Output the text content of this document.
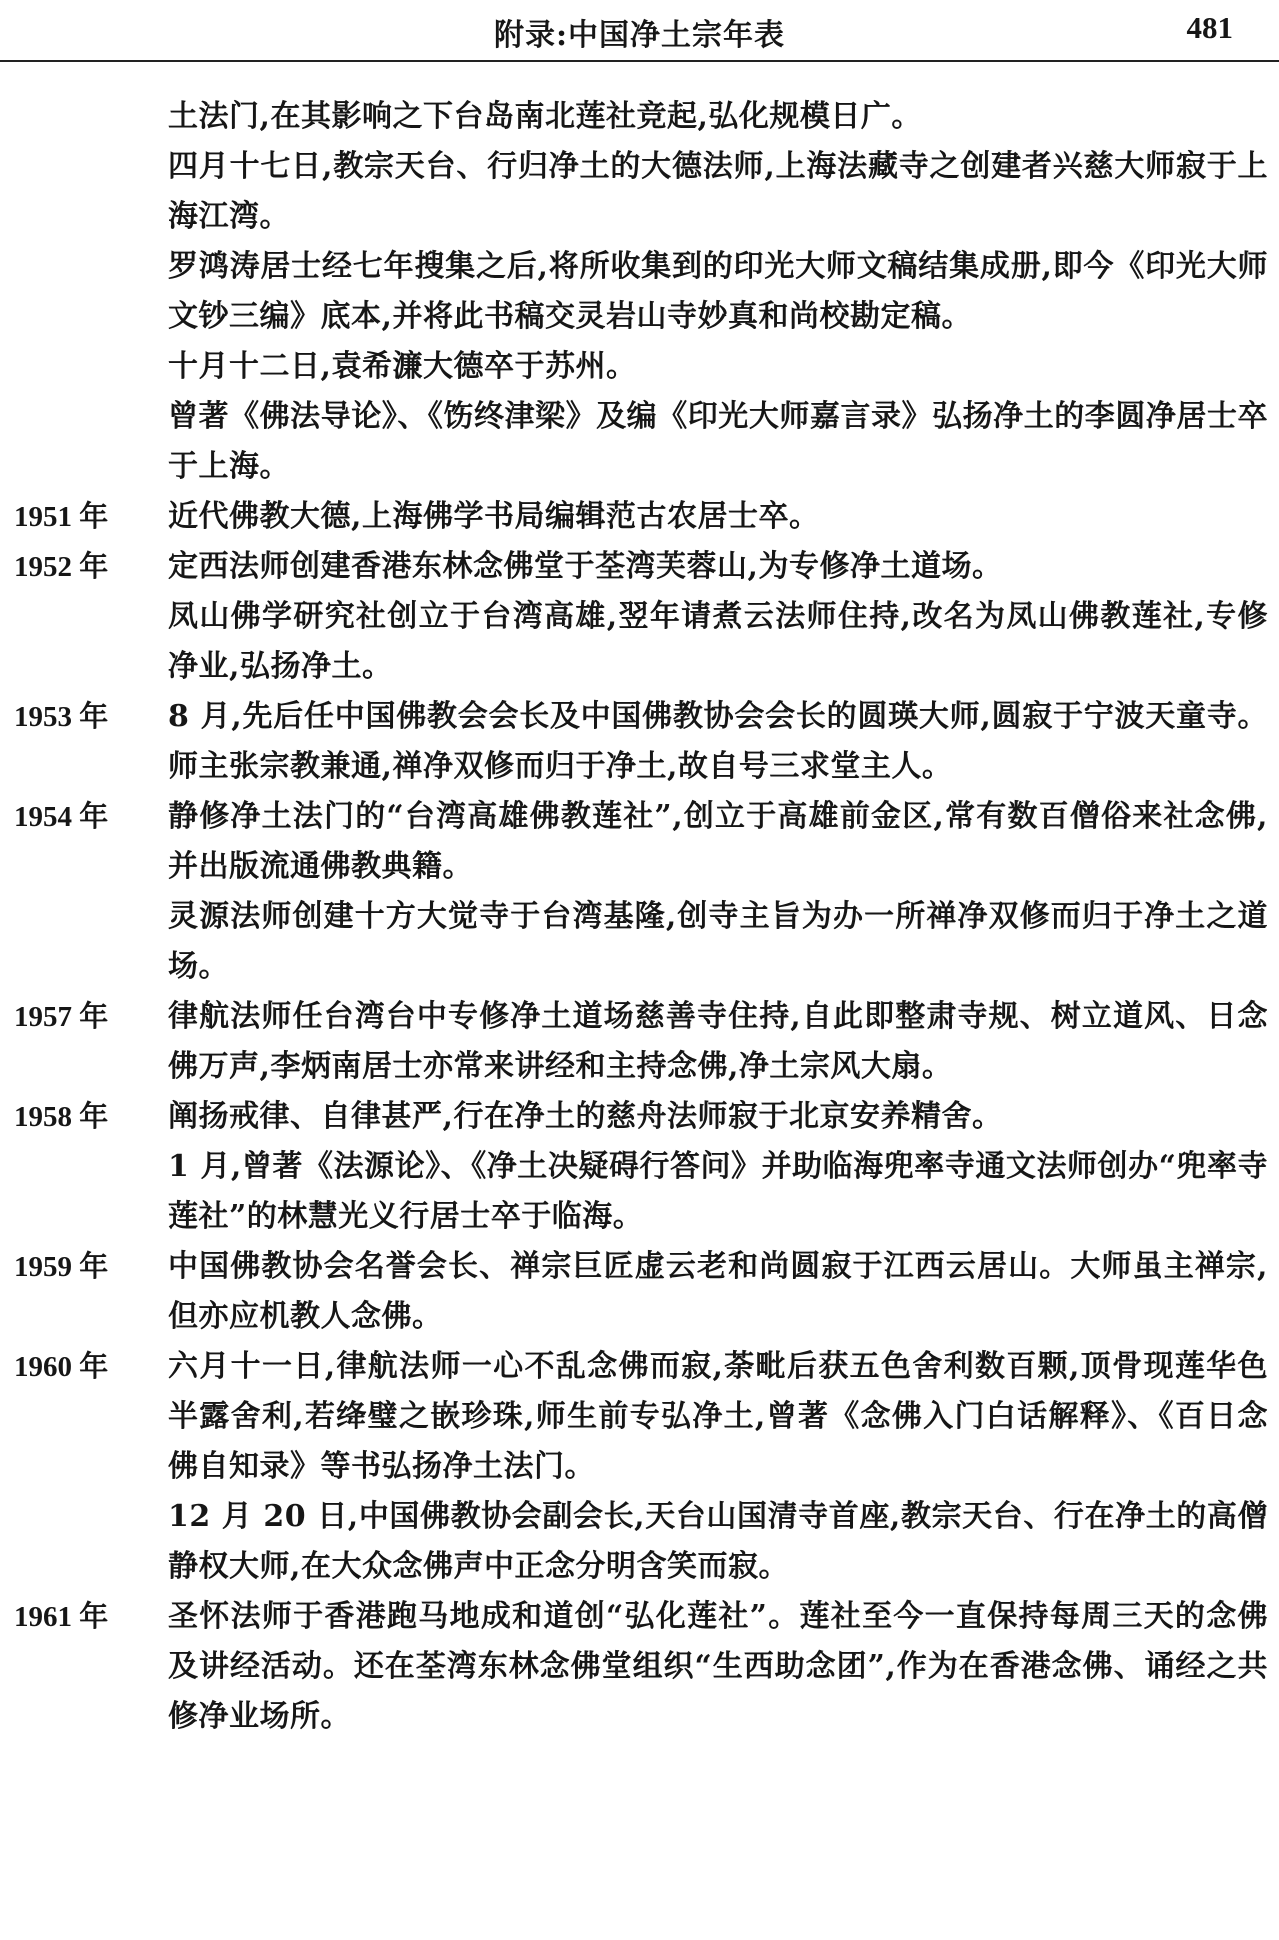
附录:中国净土宗年表	481

土法门,在其影响之下台岛南北莲社竞起,弘化规模日广。

四月十七日,教宗天台、行归净土的大德法师,上海法藏寺之创建者兴慈大师寂于上海江湾。

罗鸿涛居士经七年搜集之后,将所收集到的印光大师文稿结集成册,即今《印光大师文钞三编》底本,并将此书稿交灵岩山寺妙真和尚校勘定稿。

十月十二日,袁希濂大德卒于苏州。

曾著《佛法导论》、《饬终津梁》及编《印光大师嘉言录》弘扬净土的李圆净居士卒于上海。

1951 年 近代佛教大德,上海佛学书局编辑范古农居士卒。

1952 年 定西法师创建香港东林念佛堂于荃湾芙蓉山,为专修净土道场。

凤山佛学研究社创立于台湾高雄,翌年请煮云法师住持,改名为凤山佛教莲社,专修净业,弘扬净土。

1953 年 8 月,先后任中国佛教会会长及中国佛教协会会长的圆瑛大师,圆寂于宁波天童寺。师主张宗教兼通,禅净双修而归于净土,故自号三求堂主人。

1954 年 静修净土法门的“台湾高雄佛教莲社”,创立于高雄前金区,常有数百僧俗来社念佛,并出版流通佛教典籍。

灵源法师创建十方大觉寺于台湾基隆,创寺主旨为办一所禅净双修而归于净土之道场。

1957 年 律航法师任台湾台中专修净土道场慈善寺住持,自此即整肃寺规、树立道风、日念佛万声,李炳南居士亦常来讲经和主持念佛,净土宗风大扇。

1958 年 阐扬戒律、自律甚严,行在净土的慈舟法师寂于北京安养精舍。

1 月,曾著《法源论》、《净土决疑碍行答问》并助临海兜率寺通文法师创办“兜率寺莲社”的林慧光义行居士卒于临海。

1959 年 中国佛教协会名誉会长、禅宗巨匠虚云老和尚圆寂于江西云居山。大师虽主禅宗,但亦应机教人念佛。

1960 年 六月十一日,律航法师一心不乱念佛而寂,荼毗后获五色舍利数百颗,顶骨现莲华色半露舍利,若绛璧之嵌珍珠,师生前专弘净土,曾著《念佛入门白话解释》、《百日念佛自知录》等书弘扬净土法门。

12 月 20 日,中国佛教协会副会长,天台山国清寺首座,教宗天台、行在净土的高僧静权大师,在大众念佛声中正念分明含笑而寂。

1961 年 圣怀法师于香港跑马地成和道创“弘化莲社”。莲社至今一直保持每周三天的念佛及讲经活动。还在荃湾东林念佛堂组织“生西助念团”,作为在香港念佛、诵经之共修净业场所。
